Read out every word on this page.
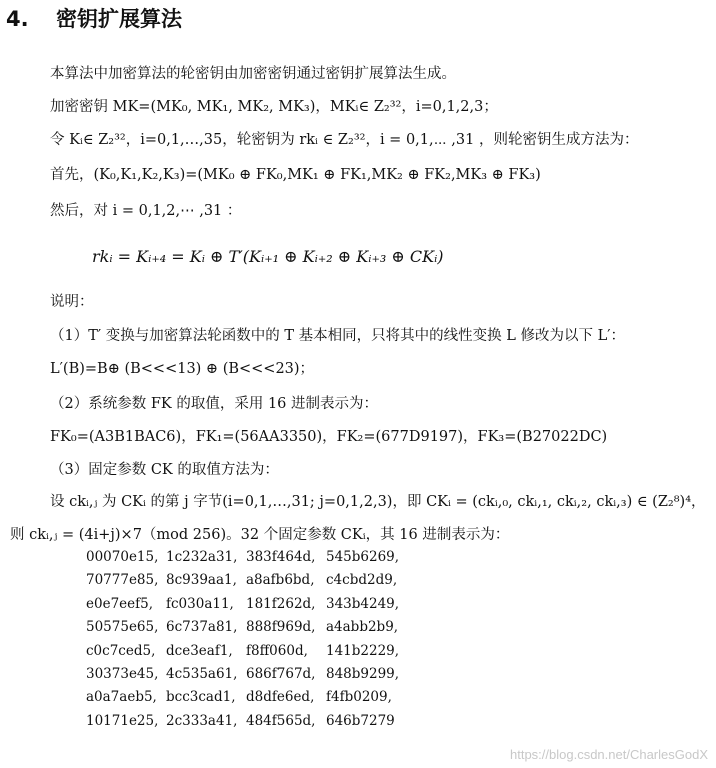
4. 密钥扩展算法
本算法中加密算法的轮密钥由加密密钥通过密钥扩展算法生成。
加密密钥 MK=(MK₀, MK₁, MK₂, MK₃)，MKᵢ∈ Z₂³²，i=0,1,2,3；
令 Kᵢ∈ Z₂³²，i=0,1,…,35，轮密钥为 rkᵢ ∈ Z₂³²，i = 0,1,⋯ ,31 ，则轮密钥生成方法为：
首先，(K₀,K₁,K₂,K₃)=(MK₀ ⊕ FK₀,MK₁ ⊕ FK₁,MK₂ ⊕ FK₂,MK₃ ⊕ FK₃)
然后，对 i = 0,1,2,⋯ ,31 ：
rkᵢ = Kᵢ₊₄ = Kᵢ ⊕ T′(Kᵢ₊₁ ⊕ Kᵢ₊₂ ⊕ Kᵢ₊₃ ⊕ CKᵢ)
说明：
（1）T′ 变换与加密算法轮函数中的 T 基本相同，只将其中的线性变换 L 修改为以下 L′：
L′(B)=B⊕ (B<<<13) ⊕ (B<<<23)；
（2）系统参数 FK 的取值，采用 16 进制表示为：
FK₀=(A3B1BAC6)，FK₁=(56AA3350)，FK₂=(677D9197)，FK₃=(B27022DC)
（3）固定参数 CK 的取值方法为：
设 ckᵢ,ⱼ 为 CKᵢ 的第 j 字节(i=0,1,…,31; j=0,1,2,3)，即 CKᵢ = (ckᵢ,₀, ckᵢ,₁, ckᵢ,₂, ckᵢ,₃) ∈ (Z₂⁸)⁴，
则 ckᵢ,ⱼ = (4i+j)×7（mod 256)。32 个固定参数 CKᵢ，其 16 进制表示为：
00070e15, 1c232a31, 383f464d, 545b6269,
70777e85, 8c939aa1, a8afb6bd, c4cbd2d9,
e0e7eef5, fc030a11, 181f262d, 343b4249,
50575e65, 6c737a81, 888f969d, a4abb2b9,
c0c7ced5, dce3eaf1, f8ff060d, 141b2229,
30373e45, 4c535a61, 686f767d, 848b9299,
a0a7aeb5, bcc3cad1, d8dfe6ed, f4fb0209,
10171e25, 2c333a41, 484f565d, 646b7279
https://blog.csdn.net/CharlesGodX
